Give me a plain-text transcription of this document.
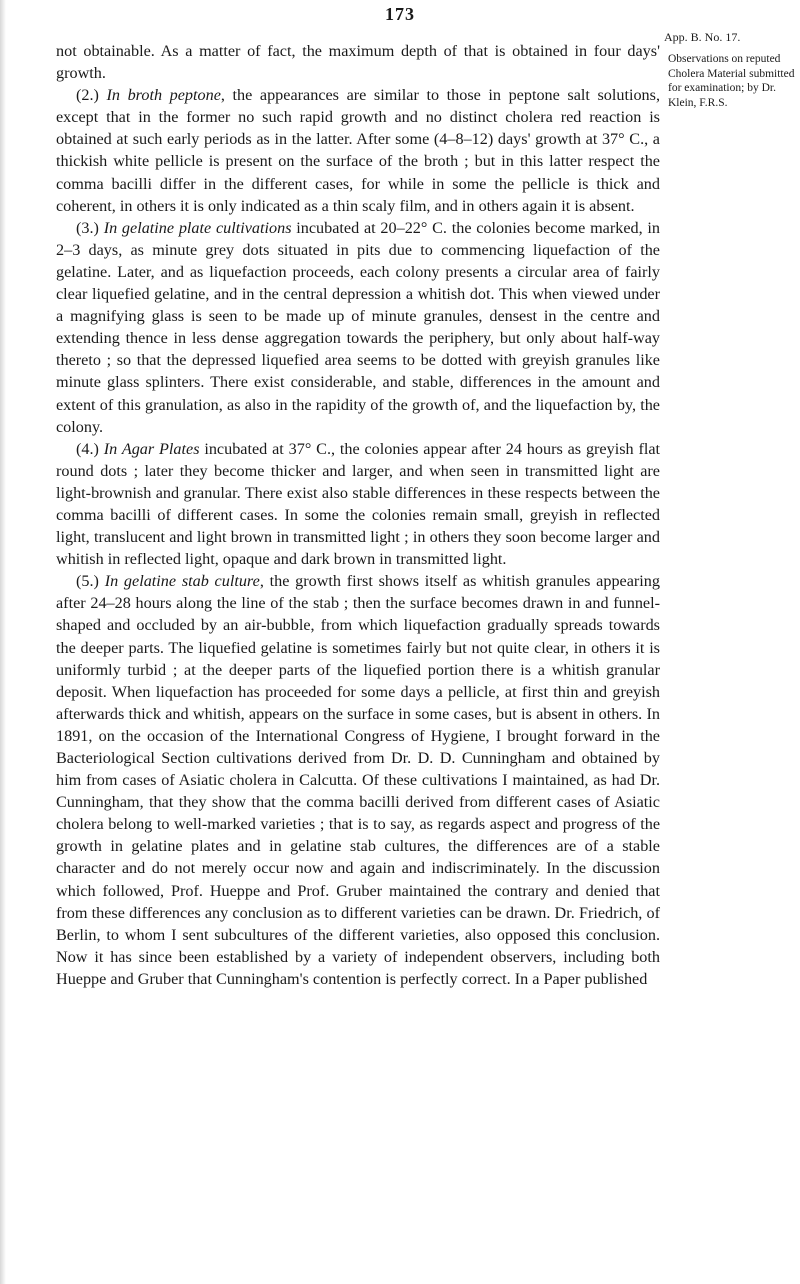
173
App. B. No. 17.
Observations on reputed Cholera Material submitted for examination; by Dr. Klein, F.R.S.

not obtainable. As a matter of fact, the maximum depth of that is obtained in four days' growth.

(2.) In broth peptone, the appearances are similar to those in peptone salt solutions, except that in the former no such rapid growth and no distinct cholera red reaction is obtained at such early periods as in the latter. After some (4–8–12) days' growth at 37° C., a thickish white pellicle is present on the surface of the broth ; but in this latter respect the comma bacilli differ in the different cases, for while in some the pellicle is thick and coherent, in others it is only indicated as a thin scaly film, and in others again it is absent.

(3.) In gelatine plate cultivations incubated at 20–22° C. the colonies become marked, in 2–3 days, as minute grey dots situated in pits due to commencing liquefaction of the gelatine. Later, and as liquefaction proceeds, each colony presents a circular area of fairly clear liquefied gelatine, and in the central depression a whitish dot. This when viewed under a magnifying glass is seen to be made up of minute granules, densest in the centre and extending thence in less dense aggregation towards the periphery, but only about half-way thereto ; so that the depressed liquefied area seems to be dotted with greyish granules like minute glass splinters. There exist considerable, and stable, differences in the amount and extent of this granulation, as also in the rapidity of the growth of, and the liquefaction by, the colony.

(4.) In Agar Plates incubated at 37° C., the colonies appear after 24 hours as greyish flat round dots ; later they become thicker and larger, and when seen in transmitted light are light-brownish and granular. There exist also stable differences in these respects between the comma bacilli of different cases. In some the colonies remain small, greyish in reflected light, translucent and light brown in transmitted light ; in others they soon become larger and whitish in reflected light, opaque and dark brown in transmitted light.

(5.) In gelatine stab culture, the growth first shows itself as whitish granules appearing after 24–28 hours along the line of the stab ; then the surface becomes drawn in and funnel-shaped and occluded by an air-bubble, from which liquefaction gradually spreads towards the deeper parts. The liquefied gelatine is sometimes fairly but not quite clear, in others it is uniformly turbid ; at the deeper parts of the liquefied portion there is a whitish granular deposit. When liquefaction has proceeded for some days a pellicle, at first thin and greyish afterwards thick and whitish, appears on the surface in some cases, but is absent in others. In 1891, on the occasion of the International Congress of Hygiene, I brought forward in the Bacteriological Section cultivations derived from Dr. D. D. Cunningham and obtained by him from cases of Asiatic cholera in Calcutta. Of these cultivations I maintained, as had Dr. Cunningham, that they show that the comma bacilli derived from different cases of Asiatic cholera belong to well-marked varieties ; that is to say, as regards aspect and progress of the growth in gelatine plates and in gelatine stab cultures, the differences are of a stable character and do not merely occur now and again and indiscriminately. In the discussion which followed, Prof. Hueppe and Prof. Gruber maintained the contrary and denied that from these differences any conclusion as to different varieties can be drawn. Dr. Friedrich, of Berlin, to whom I sent subcultures of the different varieties, also opposed this conclusion. Now it has since been established by a variety of independent observers, including both Hueppe and Gruber that Cunningham's contention is perfectly correct. In a Paper published
